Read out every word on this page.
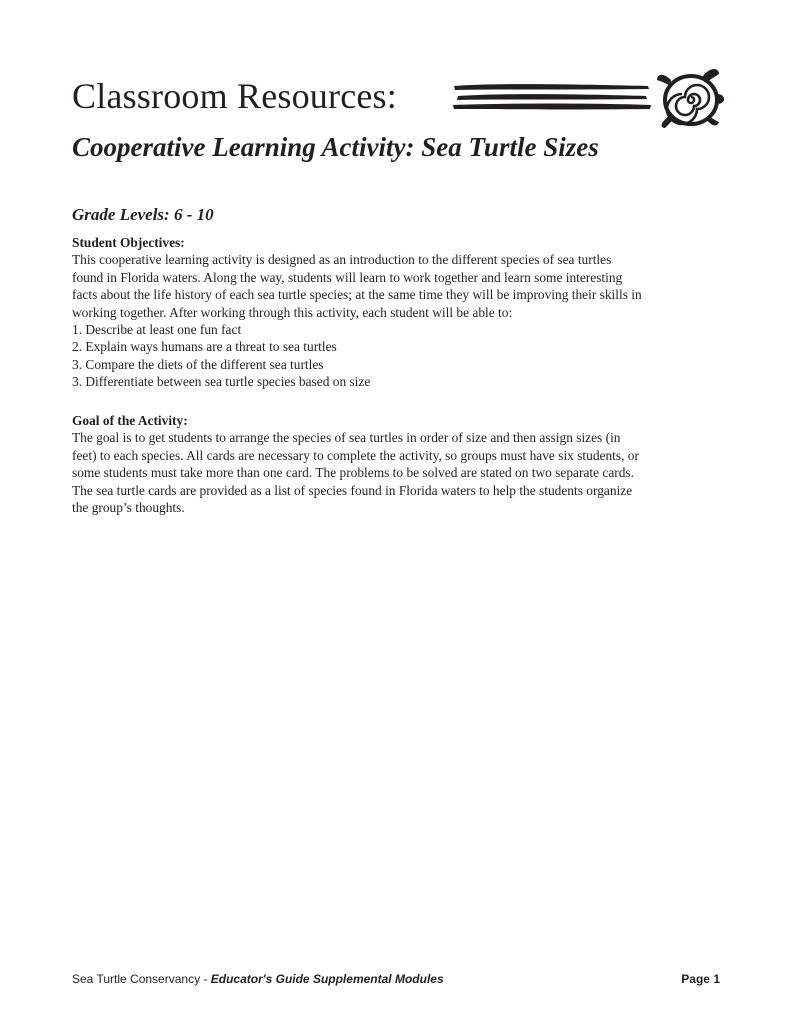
Classroom Resources:
Cooperative Learning Activity: Sea Turtle Sizes
Grade Levels: 6 - 10
Student Objectives:
This cooperative learning activity is designed as an introduction to the different species of sea turtles
found in Florida waters. Along the way, students will learn to work together and learn some interesting
facts about the life history of each sea turtle species; at the same time they will be improving their skills in
working together. After working through this activity, each student will be able to:
1. Describe at least one fun fact
2. Explain ways humans are a threat to sea turtles
3. Compare the diets of the different sea turtles
3. Differentiate between sea turtle species based on size
Goal of the Activity:
The goal is to get students to arrange the species of sea turtles in order of size and then assign sizes (in
feet) to each species. All cards are necessary to complete the activity, so groups must have six students, or
some students must take more than one card. The problems to be solved are stated on two separate cards.
The sea turtle cards are provided as a list of species found in Florida waters to help the students organize
the group’s thoughts.
Sea Turtle Conservancy - Educator's Guide Supplemental Modules	Page 1
